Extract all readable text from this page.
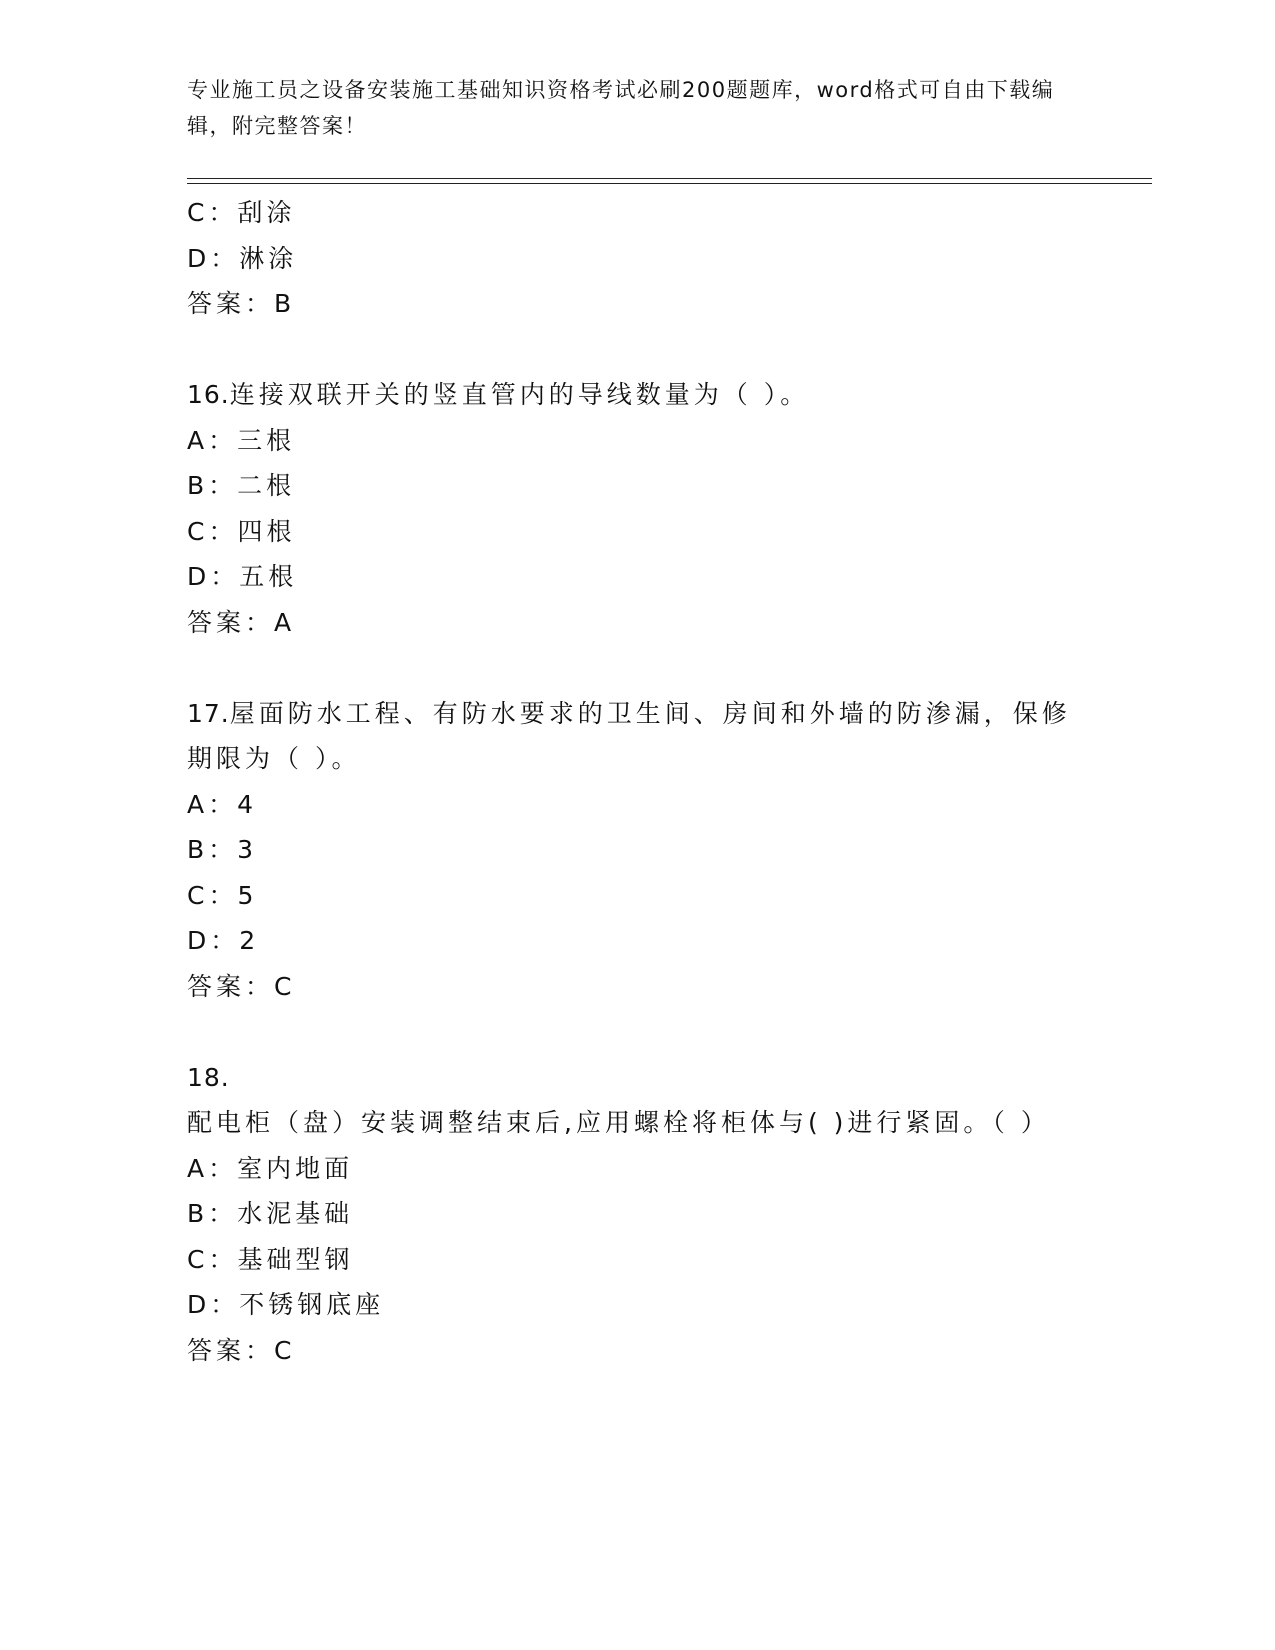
专业施工员之设备安装施工基础知识资格考试必刷200题题库，word格式可自由下载编辑，附完整答案！
C：刮涂
D：淋涂
答案：B
16.连接双联开关的竖直管内的导线数量为（ ）。
A：三根
B：二根
C：四根
D：五根
答案：A
17.屋面防水工程、有防水要求的卫生间、房间和外墙的防渗漏，保修期限为（ ）。
A：4
B：3
C：5
D：2
答案：C
18.配电柜（盘）安装调整结束后,应用螺栓将柜体与( )进行紧固。（ ）
A：室内地面
B：水泥基础
C：基础型钢
D：不锈钢底座
答案：C
